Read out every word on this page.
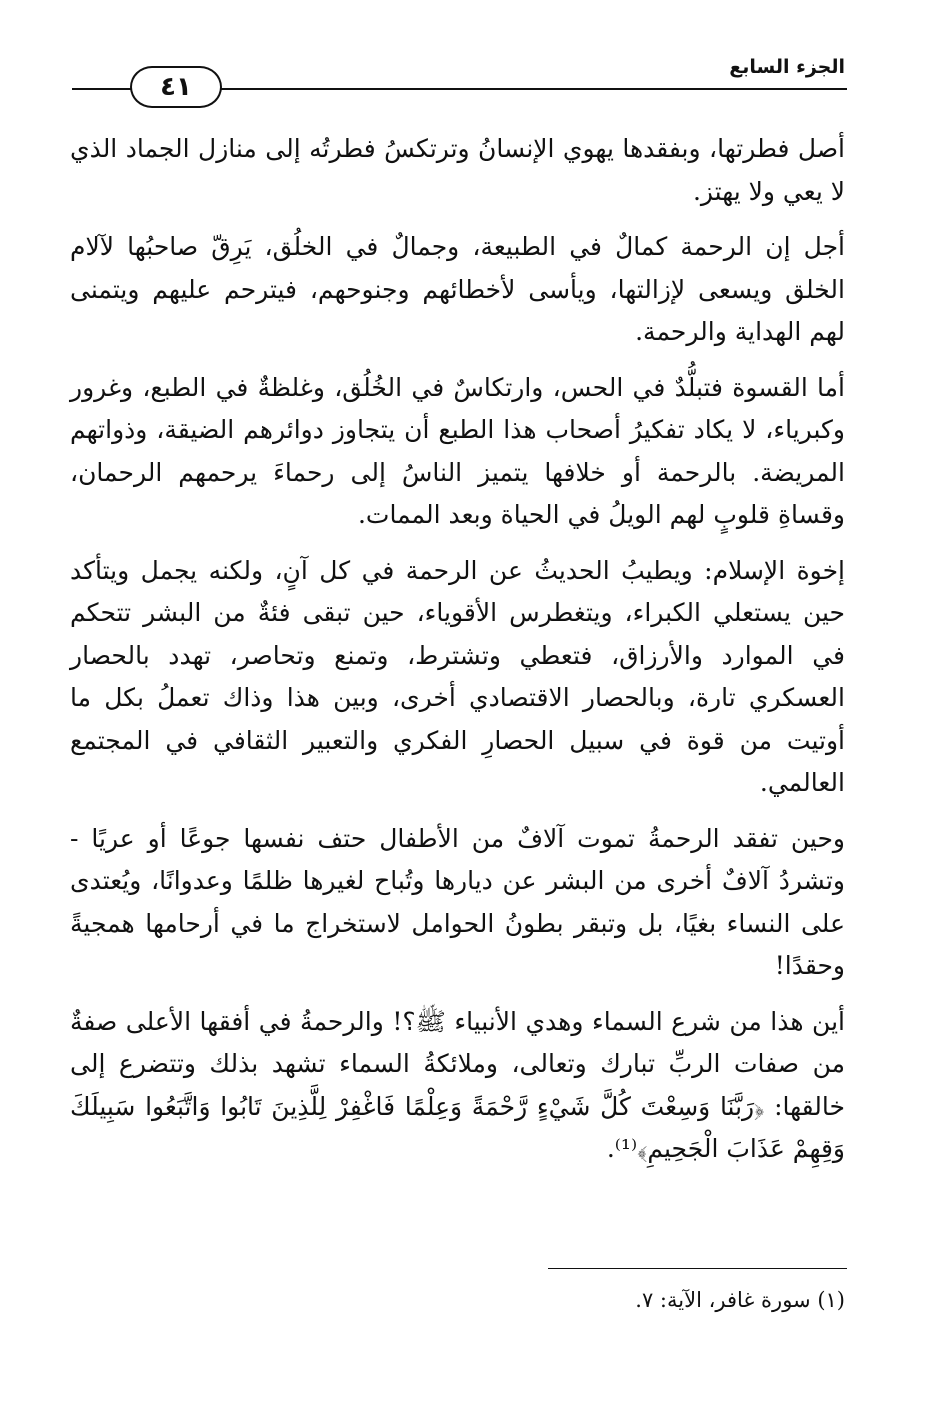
الجزء السابع
٤١

أصل فطرتها، وبفقدها يهوي الإنسانُ وترتكسُ فطرتُه إلى منازل الجماد الذي لا يعي ولا يهتز.

أجل إن الرحمة كمالٌ في الطبيعة، وجمالٌ في الخلُق، يَرِقّ صاحبُها لآلام الخلق ويسعى لإزالتها، ويأسى لأخطائهم وجنوحهم، فيترحم عليهم ويتمنى لهم الهداية والرحمة.

أما القسوة فتبلُّدٌ في الحس، وارتكاسٌ في الخُلُق، وغلظةٌ في الطبع، وغرور وكبرياء، لا يكاد تفكيرُ أصحاب هذا الطبع أن يتجاوز دوائرهم الضيقة، وذواتهم المريضة. بالرحمة أو خلافها يتميز الناسُ إلى رحماءَ يرحمهم الرحمان، وقساةِ قلوبٍ لهم الويلُ في الحياة وبعد الممات.

إخوة الإسلام: ويطيبُ الحديثُ عن الرحمة في كل آنٍ، ولكنه يجمل ويتأكد حين يستعلي الكبراء، ويتغطرس الأقوياء، حين تبقى فئةٌ من البشر تتحكم في الموارد والأرزاق، فتعطي وتشترط، وتمنع وتحاصر، تهدد بالحصار العسكري تارة، وبالحصار الاقتصادي أخرى، وبين هذا وذاك تعملُ بكل ما أوتيت من قوة في سبيل الحصارِ الفكري والتعبير الثقافي في المجتمع العالمي.

وحين تفقد الرحمةُ تموت آلافٌ من الأطفال حتف نفسها جوعًا أو عريًا - وتشردُ آلافٌ أخرى من البشر عن ديارها وتُباح لغيرها ظلمًا وعدوانًا، ويُعتدى على النساء بغيًا، بل وتبقر بطونُ الحوامل لاستخراج ما في أرحامها همجيةً وحقدًا!

أين هذا من شرع السماء وهدي الأنبياء ﷺ؟! والرحمةُ في أفقها الأعلى صفةٌ من صفات الربِّ تبارك وتعالى، وملائكةُ السماء تشهد بذلك وتتضرع إلى خالقها: ﴿رَبَّنَا وَسِعْتَ كُلَّ شَيْءٍ رَّحْمَةً وَعِلْمًا فَاغْفِرْ لِلَّذِينَ تَابُوا وَاتَّبَعُوا سَبِيلَكَ وَقِهِمْ عَذَابَ الْجَحِيمِ﴾⁽¹⁾.

(١) سورة غافر، الآية: ٧.
